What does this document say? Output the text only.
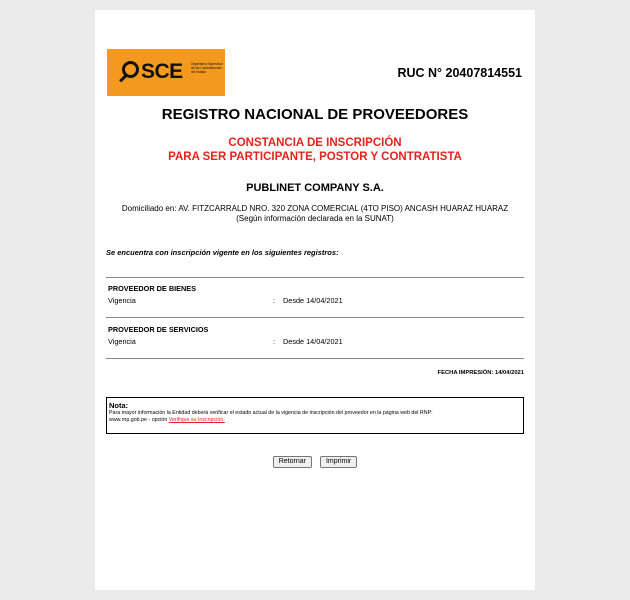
SCE	Organismo Supervisor de las Contrataciones del Estado	RUC N° 20407814551
REGISTRO NACIONAL DE PROVEEDORES
CONSTANCIA DE INSCRIPCIÓN
PARA SER PARTICIPANTE, POSTOR Y CONTRATISTA
PUBLINET COMPANY S.A.
Domiciliado en: AV. FITZCARRALD NRO. 320 ZONA COMERCIAL (4TO PISO) ANCASH HUARAZ HUARAZ (Según información declarada en la SUNAT)
Se encuentra con inscripción vigente en los siguientes registros:
PROVEEDOR DE BIENES
Vigencia	: Desde 14/04/2021
PROVEEDOR DE SERVICIOS
Vigencia	: Desde 14/04/2021
FECHA IMPRESIÓN: 14/04/2021
Nota:
Para mayor información la Entidad deberá verificar el estado actual de la vigencia de inscripción del proveedor en la página web del RNP:
www.rnp.gob.pe - opción Verifique su Inscripción.
Retornar	Imprimir
